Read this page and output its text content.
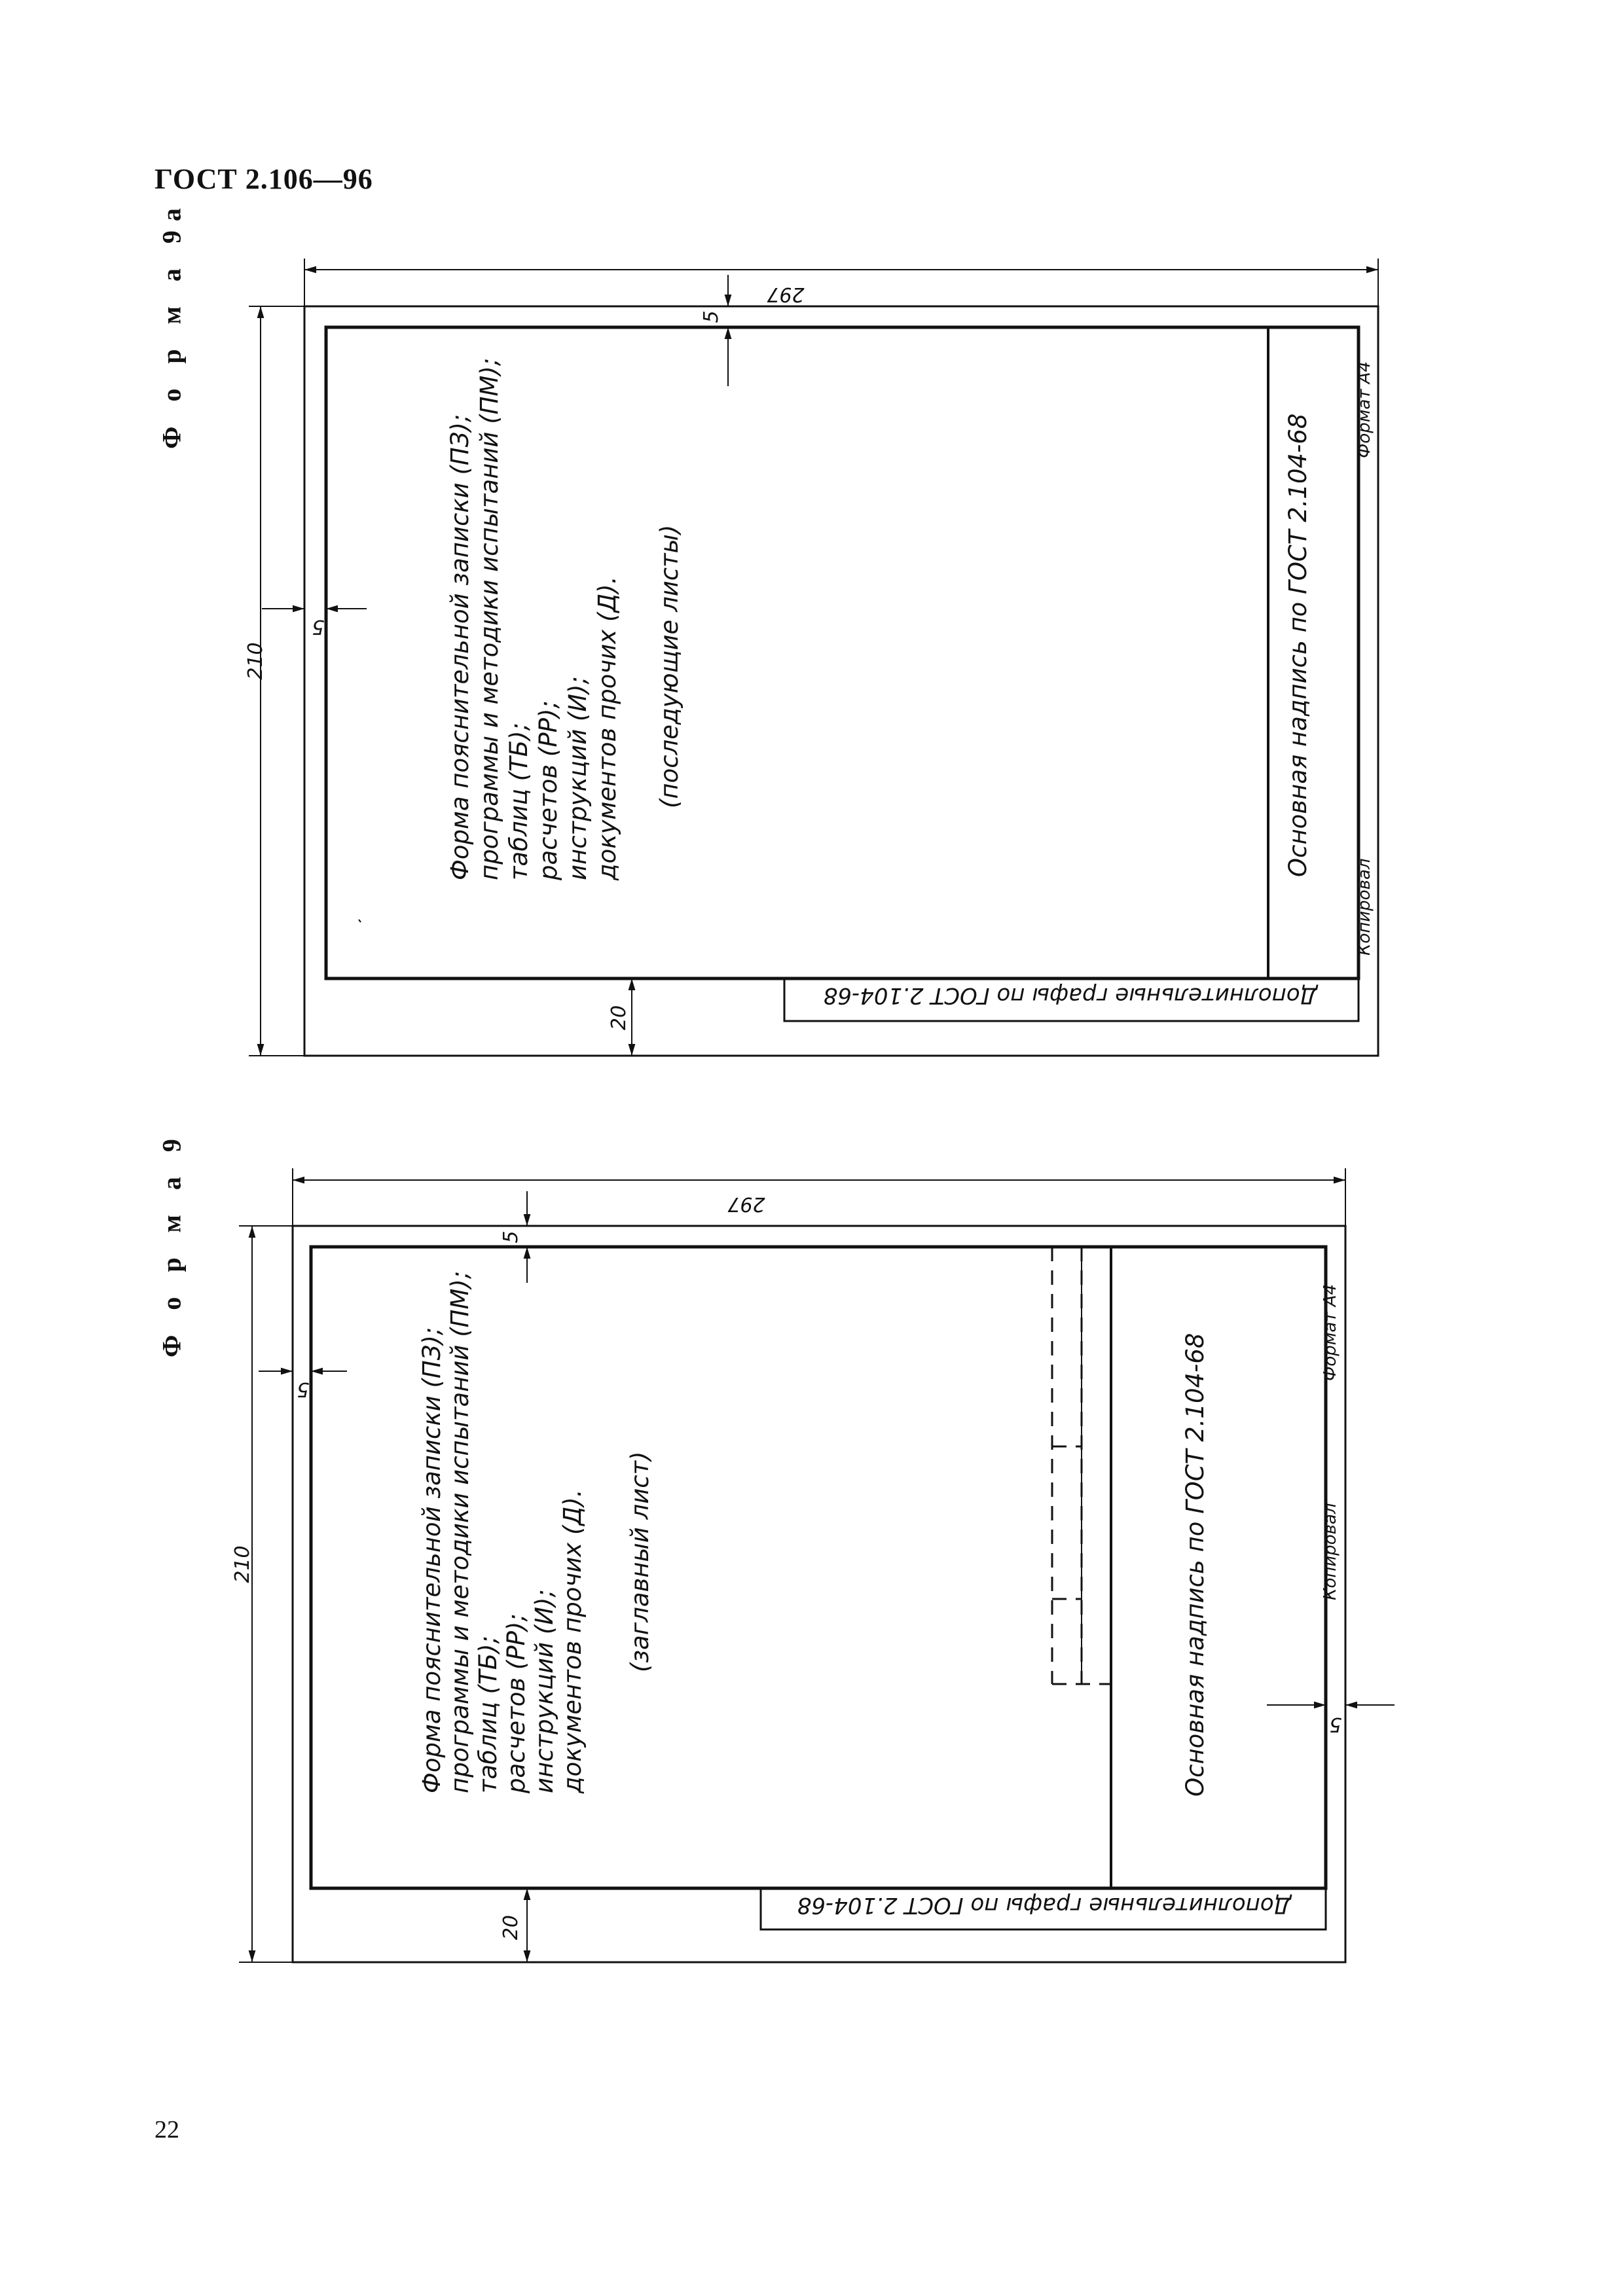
ГОСТ 2.106—96
Ф о р м а 9а
Ф о р м а 9
22
297
210
5
5
20
Форма пояснительной записки (ПЗ); программы и методики испытаний (ПМ); таблиц (ТБ); расчетов (РР); инструкций (И); документов прочих (Д). (последующие листы)	Основная надпись по ГОСТ 2.104-68
Копировал
Формат А4
Дополнительные графы по ГОСТ 2.104-68
297
210
5
5
5
20
Форма пояснительной записки (ПЗ); программы и методики испытаний (ПМ); таблиц (ТБ); расчетов (РР); инструкций (И); документов прочих (Д). (заглавный лист)	Основная надпись по ГОСТ 2.104-68	Копировал
Формат А4
Дополнительные графы по ГОСТ 2.104-68
